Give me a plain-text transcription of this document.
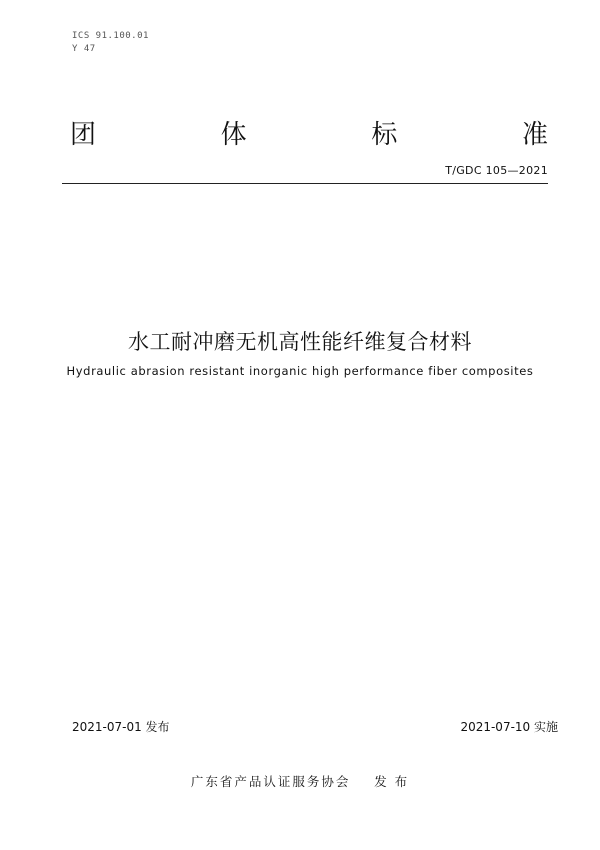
ICS 91.100.01
Y 47
团	体	标	准
T/GDC 105—2021
水工耐冲磨无机高性能纤维复合材料
Hydraulic abrasion resistant inorganic high performance fiber composites
2021-07-01 发布	2021-07-10 实施
广东省产品认证服务协会    发 布
